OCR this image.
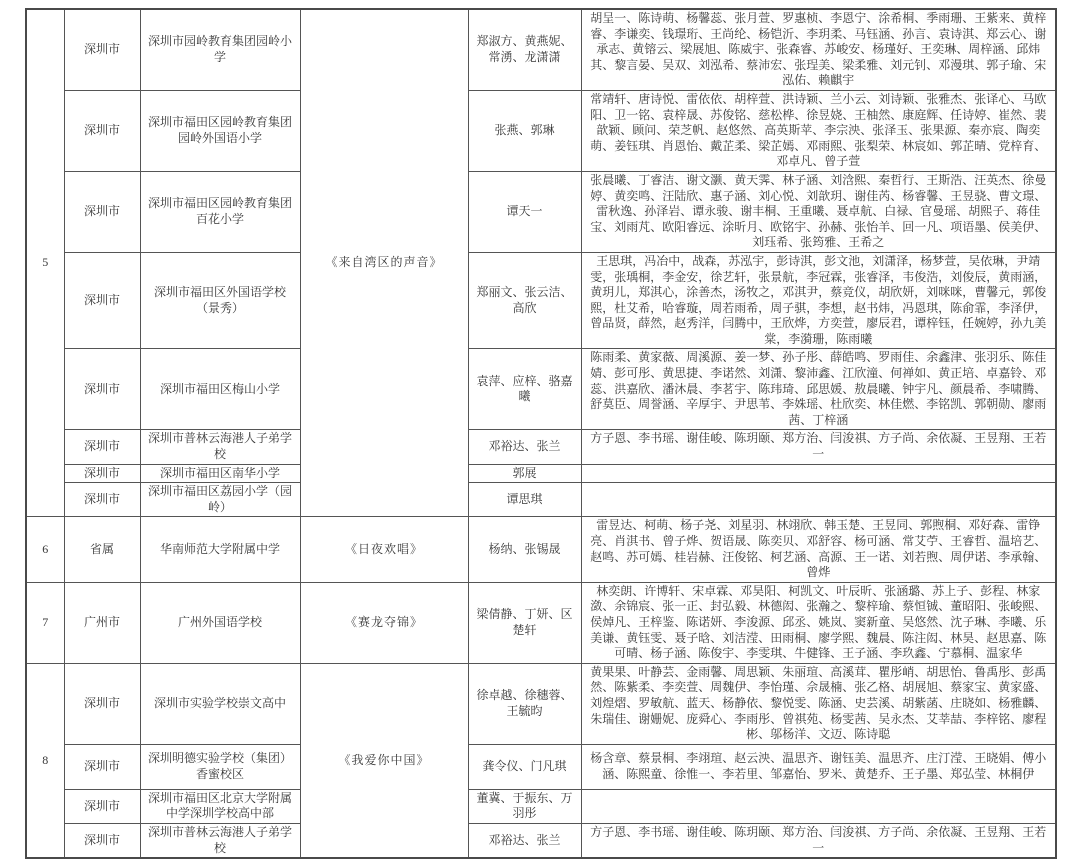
5	深圳市	深圳市园岭教育集团园岭小学	《来自湾区的声音》	郑淑方、黄燕妮、常湧、龙潇潇	胡呈一、陈诗萌、杨馨蕊、张月萱、罗惠桢、李恩宁、涂希桐、季雨珊、王紫来、黄梓睿、李谦奕、钱璟珩、王尚纶、杨铠沂、李玥柔、马钰涵、孙言、袁诗淇、郑云心、谢承志、黄镕云、梁展旭、陈威宇、张森睿、苏峻安、杨瑾好、王奕琳、周梓涵、邱炜其、黎言晏、吴双、刘泓希、蔡沛宏、张珵美、梁柔雅、刘元钊、邓漫琪、郭子瑜、宋泓佑、赖麒宇
	深圳市	深圳市福田区园岭教育集团园岭外国语小学		张燕、郭琳	常靖轩、唐诗悦、雷依依、胡梓萱、洪诗颖、兰小云、刘诗颖、张雅杰、张译心、马欧阳、卫一铭、袁梓晟、苏俊铭、慈松桦、徐昱娆、王柚然、康庭辉、任诗婷、崔然、裴歆颖、顾问、荣芝帆、赵悠然、高英斯苹、李宗泱、张泽玉、张果源、秦亦宸、陶奕萌、姜钰琪、肖恩怡、戴芷柔、梁芷嫣、邓雨熙、张梨荣、林宸如、郭芷晴、党梓育、邓卓凡、曾子萱
	深圳市	深圳市福田区园岭教育集团百花小学		谭天一	张晨曦、丁睿洁、谢文灏、黄天霁、林子涵、刘浛熙、秦哲行、王斯浩、汪英杰、徐曼婷、黄奕鸣、汪陆欣、惠子涵、刘心悦、刘歆玥、谢佳芮、杨睿馨、王昱骁、曹文璟、雷秋逸、孙泽岩、谭永骏、谢丰桐、王重曦、聂卓航、白禄、官曼瑶、胡熙子、蒋佳宝、刘雨芃、欧阳睿远、涂昕月、欧铭宇、孙赫、张怡羊、回一凡、项语墨、侯美伊、刘珏希、张筠雅、王希之
	深圳市	深圳市福田区外国语学校（景秀）		郑丽文、张云洁、高欣	王思琪，冯冶中，战森，苏泓宇，彭诗淇，彭文池，刘潇泽，杨梦萱，吴依琳，尹靖雯，张瑀桐，李金安，徐艺轩，张景航，李冠霖，张睿泽，韦俊浩，刘俊辰，黄雨涵，黄玥儿，郑淇心，涂善杰，汤牧之，邓淇尹，蔡竞仪，胡欣妍，刘咪咪，曹馨元，郭俊熙，杜艾希，哈睿璇，周若雨希，周子骐，李想，赵书炜，冯恩琪，陈俞霏，李泽伊，曾品贤，薛然，赵秀洋，闫腾中，王欣烨，方奕萱，廖辰君，谭梓钰，任婉婷，孙九美棠，李漪珊，陈雨曦
	深圳市	深圳市福田区梅山小学		袁萍、应梓、骆嘉曦	陈雨柔、黄家薇、周溪源、姜一梦、孙子彤、薛皓鸣、罗雨佳、余鑫津、张羽乐、陈佳婧、彭可彤、黄思捷、李诺然、刘潇、黎沛鑫、江欣潼、何禅如、黄正培、卓嘉铃、邓蕊、洪嘉欣、潘沐晨、李茗宇、陈玮琦、邱思媛、敖晨曦、钟宇凡、颜晨希、李啸腾、舒莫臣、周誉涵、辛厚宇、尹思苇、李姝瑶、杜欣奕、林佳燃、李铭凯、郭朝勋、廖雨茜、丁梓涵
	深圳市	深圳市普林云海港人子弟学校		邓裕达、张兰	方子恩、李书瑶、谢佳峻、陈玥颐、郑方治、闫浚祺、方子尚、余依凝、王昱翔、王若一
	深圳市	深圳市福田区南华小学		郭展	
	深圳市	深圳市福田区荔园小学（园岭）		谭思琪	
6	省属	华南师范大学附属中学	《日夜欢唱》	杨纳、张锡晟	雷昱达、柯萌、杨子尧、刘星羽、林翊欣、韩玉楚、王昱同、郭煦桐、邓好森、雷铮亮、肖淇书、曾子烨、贺语晟、陈奕贝、邓舒容、杨可涵、常艾苧、王睿哲、温培艺、赵鸣、苏可嫣、桂岩赫、汪俊铭、柯艺涵、高源、王一诺、刘若煦、周伊诺、李承翰、曾烨
7	广州市	广州外国语学校	《赛龙夺锦》	梁倩静、丁妍、区楚轩	林奕朗、许博轩、宋卓霖、邓昊阳、柯凯文、叶辰昕、张涵璐、苏上子、彭程、林家潋、余锦宸、张一正、封弘毅、林德闳、张瀚之、黎梓瑜、蔡恒铖、董昭阳、张峻熙、侯焯凡、王梓鉴、陈诺妍、李浚源、邱丞、姚岚、窦新童、吴悠然、沈子琳、李曦、乐美谦、黄钰雯、聂子晗、刘洁滢、田雨桐、廖学熙、魏晨、陈注闳、林昊、赵思嘉、陈可晴、杨子涵、陈俊宇、李雯琪、牛健锋、王子涵、李玖鑫、宁慕桐、温家华
8	深圳市	深圳市实验学校崇文高中	《我爱你中国》	徐卓越、徐穗蓉、王毓昀	黄果果、叶静芸、金雨馨、周思颖、朱丽瑄、高溪茸、瞿彤峭、胡思怡、鲁禹彤、彭禹然、陈紫柔、李奕萱、周魏伊、李怡瑾、佘晟楠、张乙格、胡展旭、蔡家宝、黄家盛、刘煌熠、罗敏航、蓝天、杨静依、黎悦雯、陈涵、史芸溪、胡紫菡、庄晓如、杨雅麟、朱瑞佳、谢姗妮、庞舜心、李雨彤、曾祺苑、杨雯茜、吴永杰、艾莘喆、李梓铭、廖程彬、邬杨洋、文迈、陈诗聪
	深圳市	深圳明德实验学校（集团）香蜜校区		龚令仪、门凡琪	杨含章、蔡景桐、李翊瑄、赵云泱、温思齐、谢钰美、温思齐、庄汀滢、王晓娟、傅小涵、陈熙童、徐惟一、李若里、邹嘉怡、罗米、黄楚乔、王子墨、郑弘莹、林桐伊
	深圳市	深圳市福田区北京大学附属中学深圳学校高中部		董冀、于振东、万羽彤	
	深圳市	深圳市普林云海港人子弟学校		邓裕达、张兰	方子恩、李书瑶、谢佳峻、陈玥颐、郑方治、闫浚祺、方子尚、余依凝、王昱翔、王若一
